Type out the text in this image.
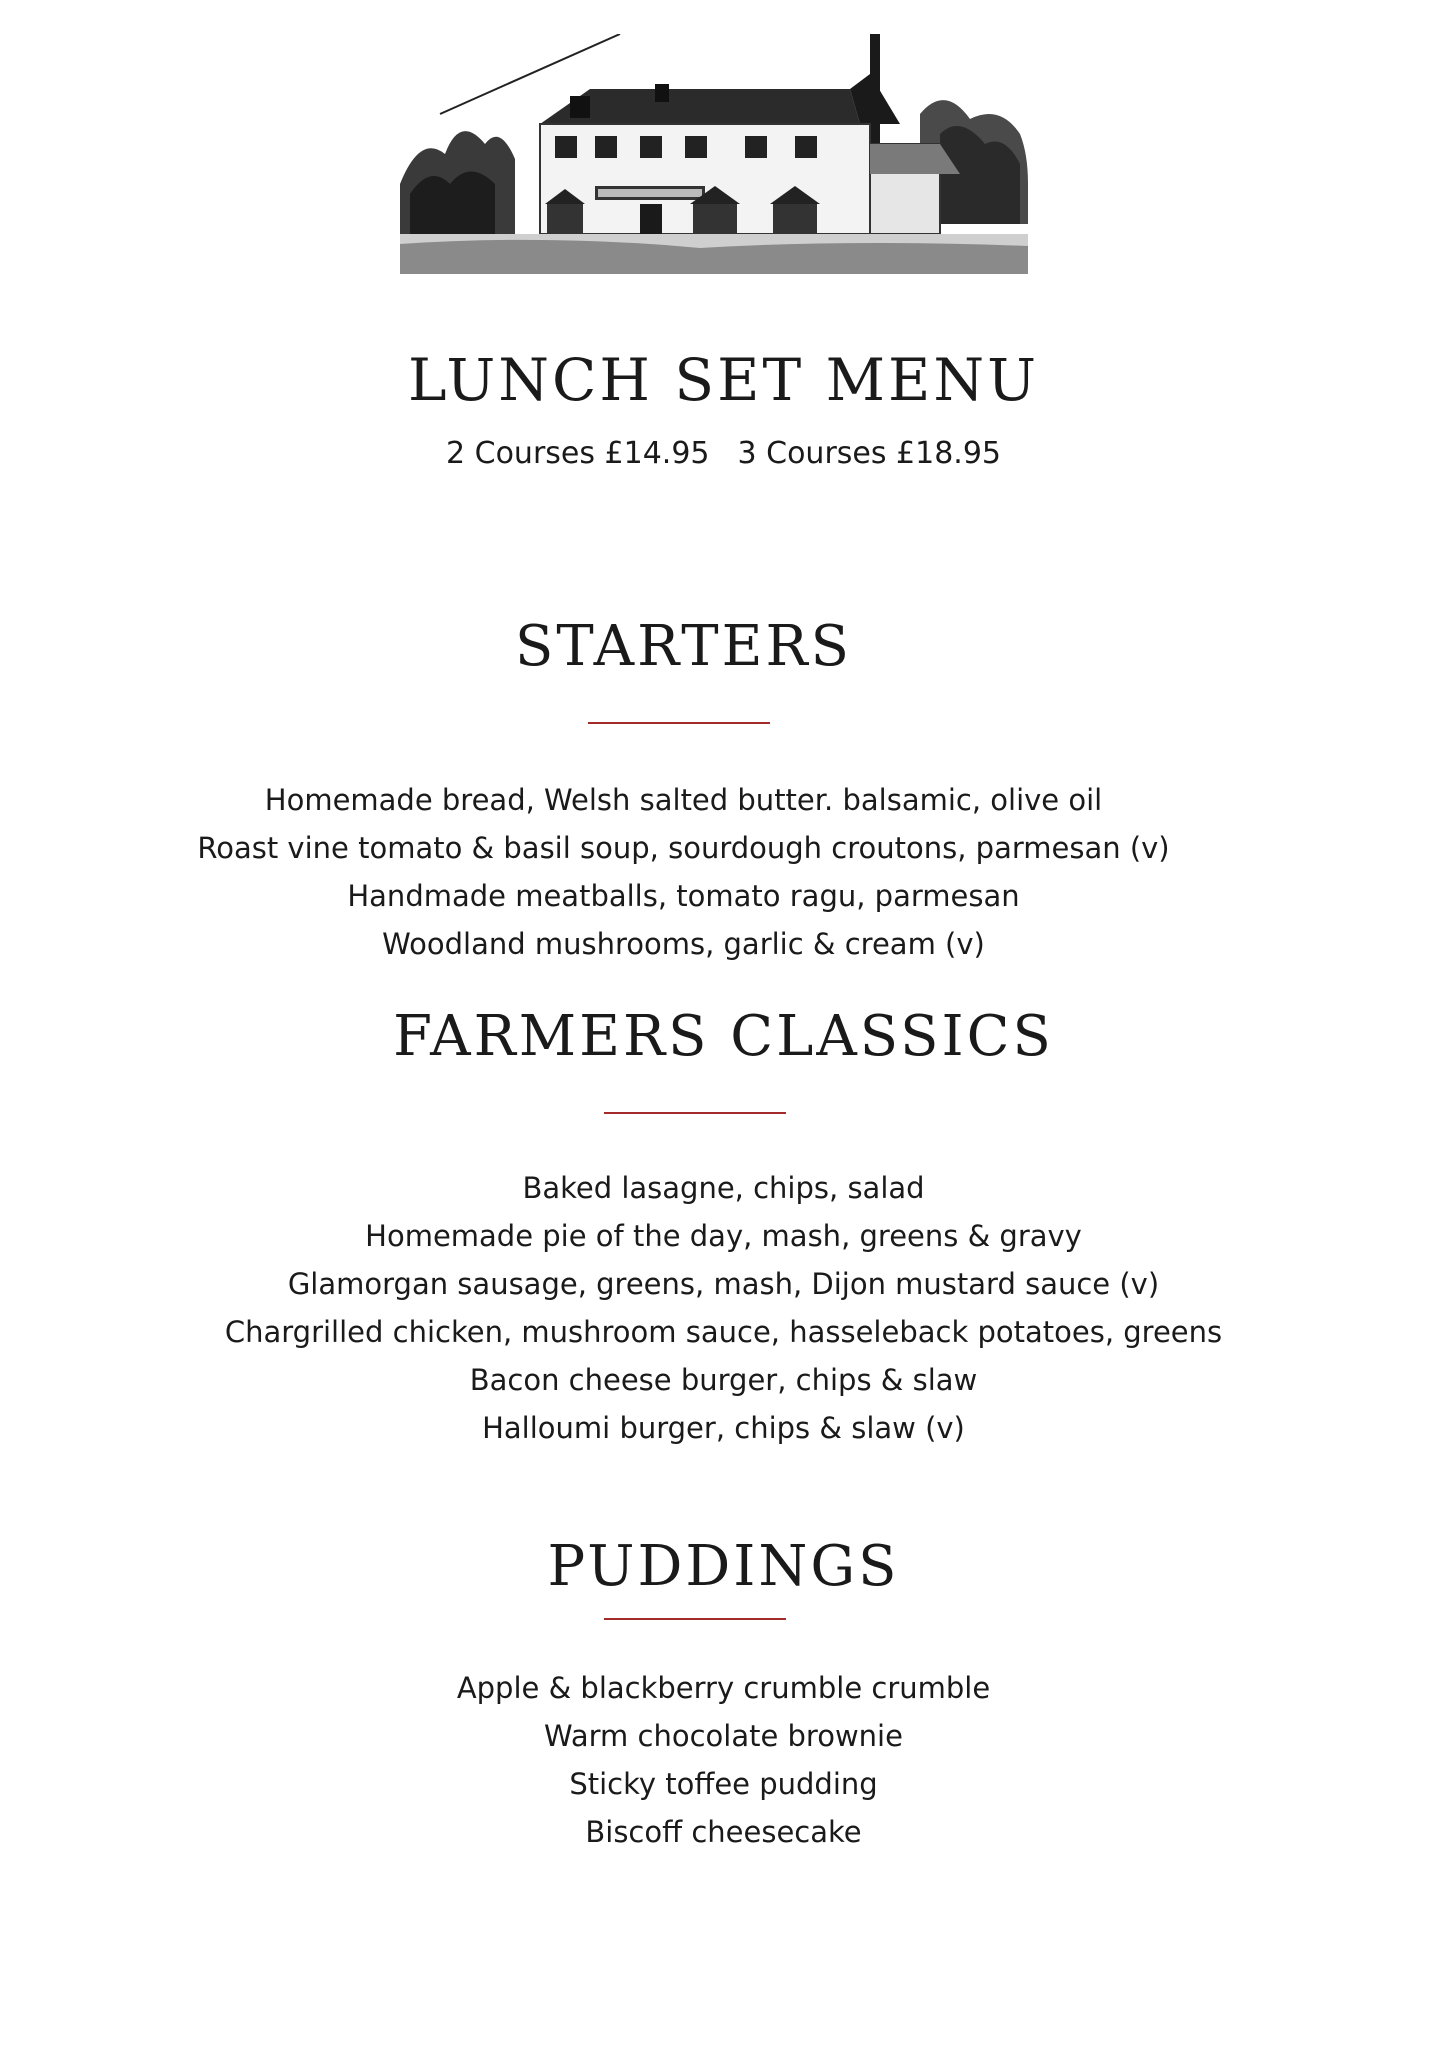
LUNCH SET MENU
2 Courses £14.95 3 Courses £18.95
STARTERS
Homemade bread, Welsh salted butter. balsamic, olive oil
Roast vine tomato & basil soup, sourdough croutons, parmesan (v)
Handmade meatballs, tomato ragu, parmesan
Woodland mushrooms, garlic & cream (v)
FARMERS CLASSICS
Baked lasagne, chips, salad
Homemade pie of the day, mash, greens & gravy
Glamorgan sausage, greens, mash, Dijon mustard sauce (v)
Chargrilled chicken, mushroom sauce, hasseleback potatoes, greens
Bacon cheese burger, chips & slaw
Halloumi burger, chips & slaw (v)
PUDDINGS
Apple & blackberry crumble crumble
Warm chocolate brownie
Sticky toffee pudding
Biscoff cheesecake
